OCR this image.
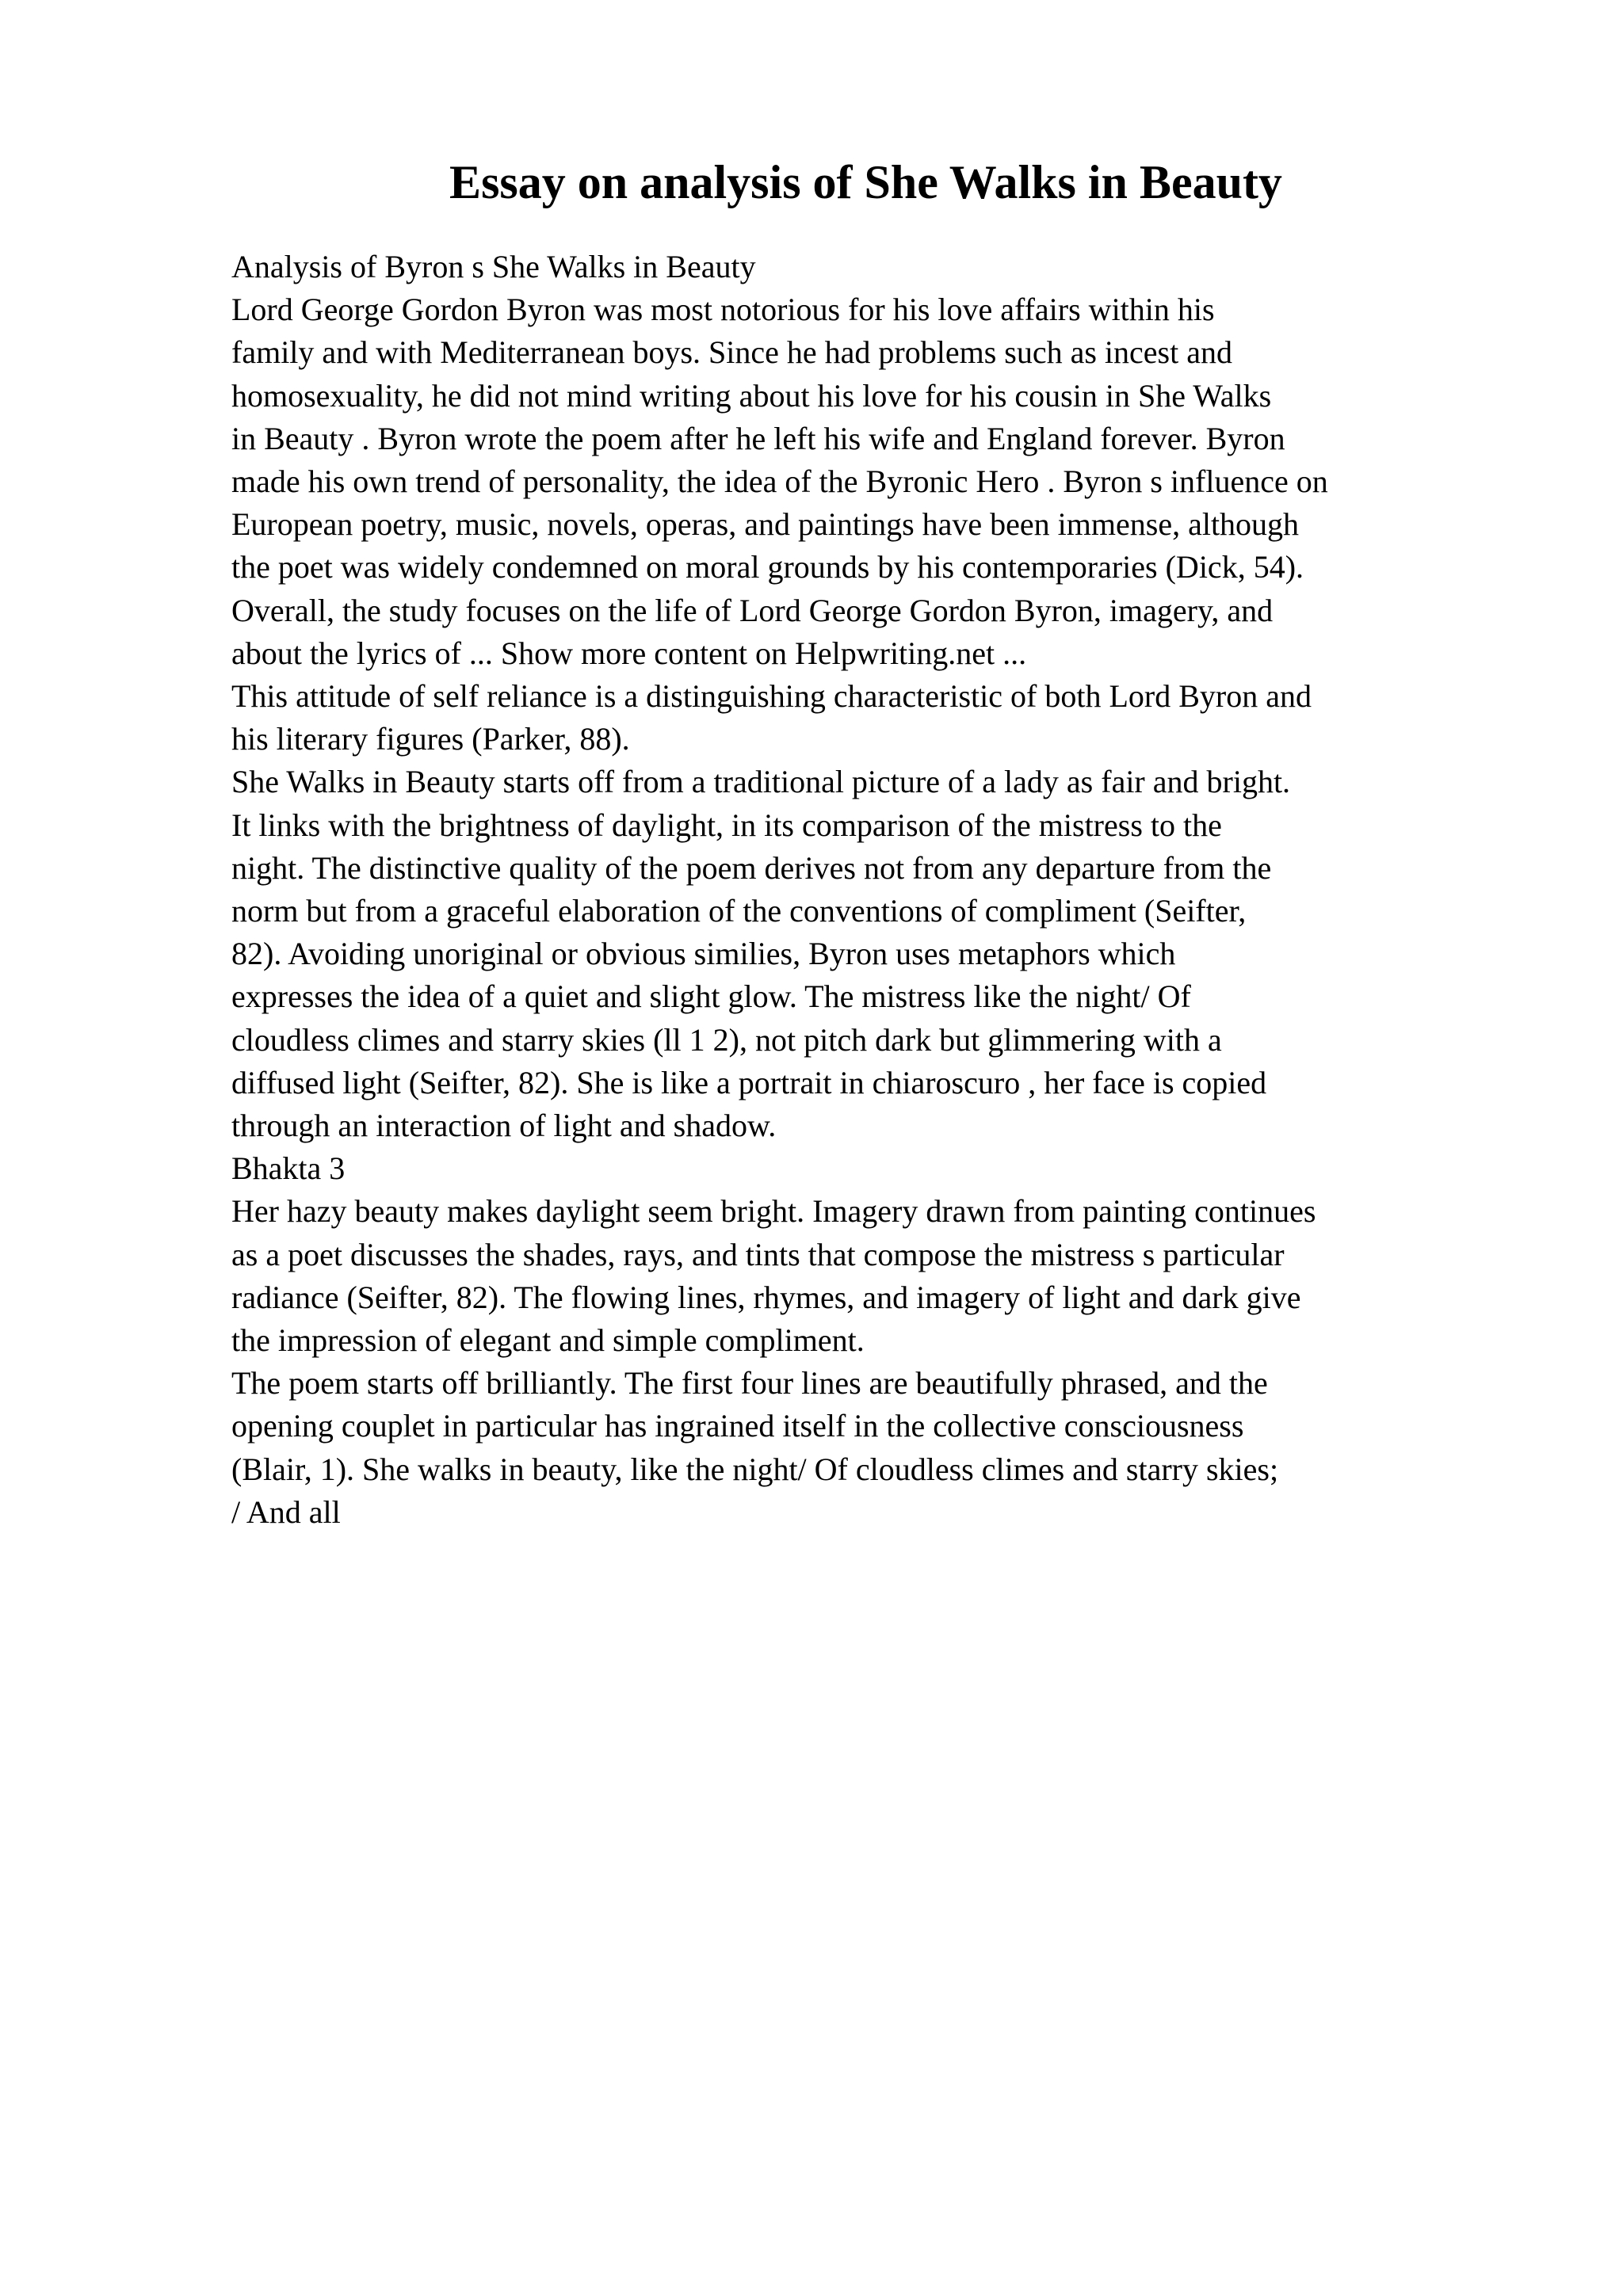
Essay on analysis of She Walks in Beauty
Analysis of Byron s She Walks in Beauty
Lord George Gordon Byron was most notorious for his love affairs within his
family and with Mediterranean boys. Since he had problems such as incest and
homosexuality, he did not mind writing about his love for his cousin in She Walks
in Beauty . Byron wrote the poem after he left his wife and England forever. Byron
made his own trend of personality, the idea of the Byronic Hero . Byron s influence on
European poetry, music, novels, operas, and paintings have been immense, although
the poet was widely condemned on moral grounds by his contemporaries (Dick, 54).
Overall, the study focuses on the life of Lord George Gordon Byron, imagery, and
about the lyrics of ... Show more content on Helpwriting.net ...
This attitude of self reliance is a distinguishing characteristic of both Lord Byron and
his literary figures (Parker, 88).
She Walks in Beauty starts off from a traditional picture of a lady as fair and bright.
It links with the brightness of daylight, in its comparison of the mistress to the
night. The distinctive quality of the poem derives not from any departure from the
norm but from a graceful elaboration of the conventions of compliment (Seifter,
82). Avoiding unoriginal or obvious similies, Byron uses metaphors which
expresses the idea of a quiet and slight glow. The mistress like the night/ Of
cloudless climes and starry skies (ll 1 2), not pitch dark but glimmering with a
diffused light (Seifter, 82). She is like a portrait in chiaroscuro , her face is copied
through an interaction of light and shadow.
Bhakta 3
Her hazy beauty makes daylight seem bright. Imagery drawn from painting continues
as a poet discusses the shades, rays, and tints that compose the mistress s particular
radiance (Seifter, 82). The flowing lines, rhymes, and imagery of light and dark give
the impression of elegant and simple compliment.
The poem starts off brilliantly. The first four lines are beautifully phrased, and the
opening couplet in particular has ingrained itself in the collective consciousness
(Blair, 1). She walks in beauty, like the night/ Of cloudless climes and starry skies;
/ And all
